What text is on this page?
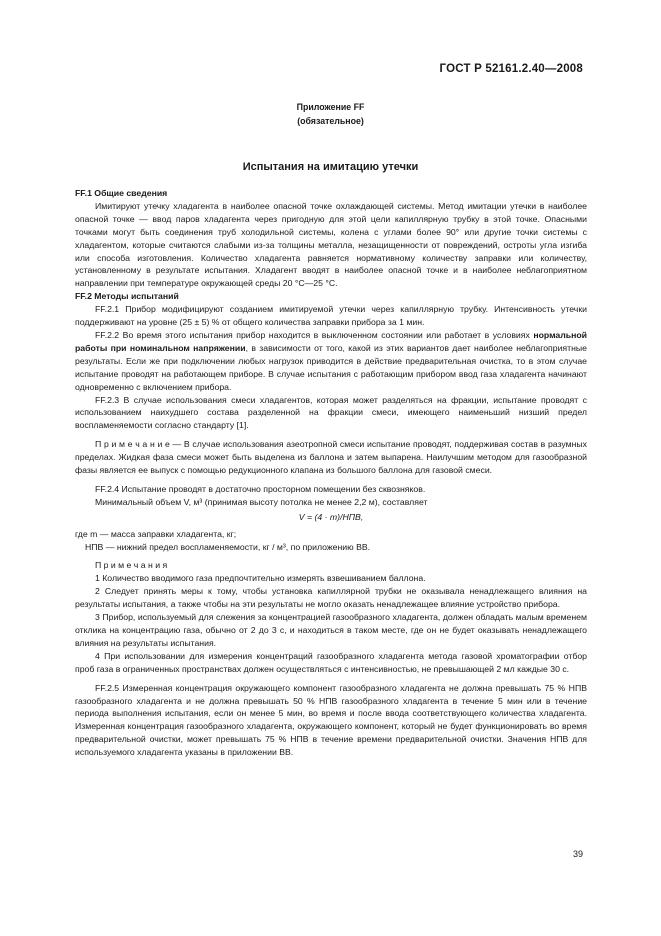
ГОСТ Р 52161.2.40—2008
Приложение FF
(обязательное)
Испытания на имитацию утечки

FF.1 Общие сведения

Имитируют утечку хладагента в наиболее опасной точке охлаждающей системы. Метод имитации утечки в наиболее опасной точке — ввод паров хладагента через пригодную для этой цели капиллярную трубку в этой точке. Опасными точками могут быть соединения труб холодильной системы, колена с углами более 90° или другие точки системы с хладагентом, которые считаются слабыми из-за толщины металла, незащищенности от повреждений, остроты угла изгиба или способа изготовления. Количество хладагента равняется нормативному количеству заправки или количеству, установленному в результате испытания. Хладагент вводят в наиболее опасной точке и в наиболее неблагоприятном направлении при температуре окружающей среды 20 °C—25 °C.

FF.2 Методы испытаний

FF.2.1 Прибор модифицируют созданием имитируемой утечки через капиллярную трубку. Интенсивность утечки поддерживают на уровне (25 ± 5) % от общего количества заправки прибора за 1 мин.

FF.2.2 Во время этого испытания прибор находится в выключенном состоянии или работает в условиях нормальной работы при номинальном напряжении, в зависимости от того, какой из этих вариантов дает наиболее неблагоприятные результаты. Если же при подключении любых нагрузок приводится в действие предварительная очистка, то в этом случае испытание проводят на работающем приборе. В случае испытания с работающим прибором ввод газа хладагента начинают одновременно с включением прибора.

FF.2.3 В случае использования смеси хладагентов, которая может разделяться на фракции, испытание проводят с использованием наихудшего состава разделенной на фракции смеси, имеющего наименьший низший предел воспламеняемости согласно стандарту [1].

П р и м е ч а н и е — В случае использования азеотропной смеси испытание проводят, поддерживая состав в разумных пределах. Жидкая фаза смеси может быть выделена из баллона и затем выпарена. Наилучшим методом для газообразной фазы является ее выпуск с помощью редукционного клапана из большого баллона для газовой смеси.

FF.2.4 Испытание проводят в достаточно просторном помещении без сквозняков.

Минимальный объем V, м³ (принимая высоту потолка не менее 2,2 м), составляет

V = (4 · m)/НПВ,

где m — масса заправки хладагента, кг;

НПВ — нижний предел воспламеняемости, кг / м³, по приложению ВВ.

П р и м е ч а н и я

1 Количество вводимого газа предпочтительно измерять взвешиванием баллона.

2 Следует принять меры к тому, чтобы установка капиллярной трубки не оказывала ненадлежащего влияния на результаты испытания, а также чтобы на эти результаты не могло оказать ненадлежащее влияние устройство прибора.

3 Прибор, используемый для слежения за концентрацией газообразного хладагента, должен обладать малым временем отклика на концентрацию газа, обычно от 2 до 3 с, и находиться в таком месте, где он не будет оказывать ненадлежащего влияния на результаты испытания.

4 При использовании для измерения концентраций газообразного хладагента метода газовой хроматографии отбор проб газа в ограниченных пространствах должен осуществляться с интенсивностью, не превышающей 2 мл каждые 30 с.

FF.2.5 Измеренная концентрация окружающего компонент газообразного хладагента не должна превышать 75 % НПВ газообразного хладагента и не должна превышать 50 % НПВ газообразного хладагента в течение 5 мин или в течение периода выполнения испытания, если он менее 5 мин, во время и после ввода соответствующего количества хладагента. Измеренная концентрация газообразного хладагента, окружающего компонент, который не будет функционировать во время предварительной очистки, может превышать 75 % НПВ в течение времени предварительной очистки. Значения НПВ для используемого хладагента указаны в приложении ВВ.

39
